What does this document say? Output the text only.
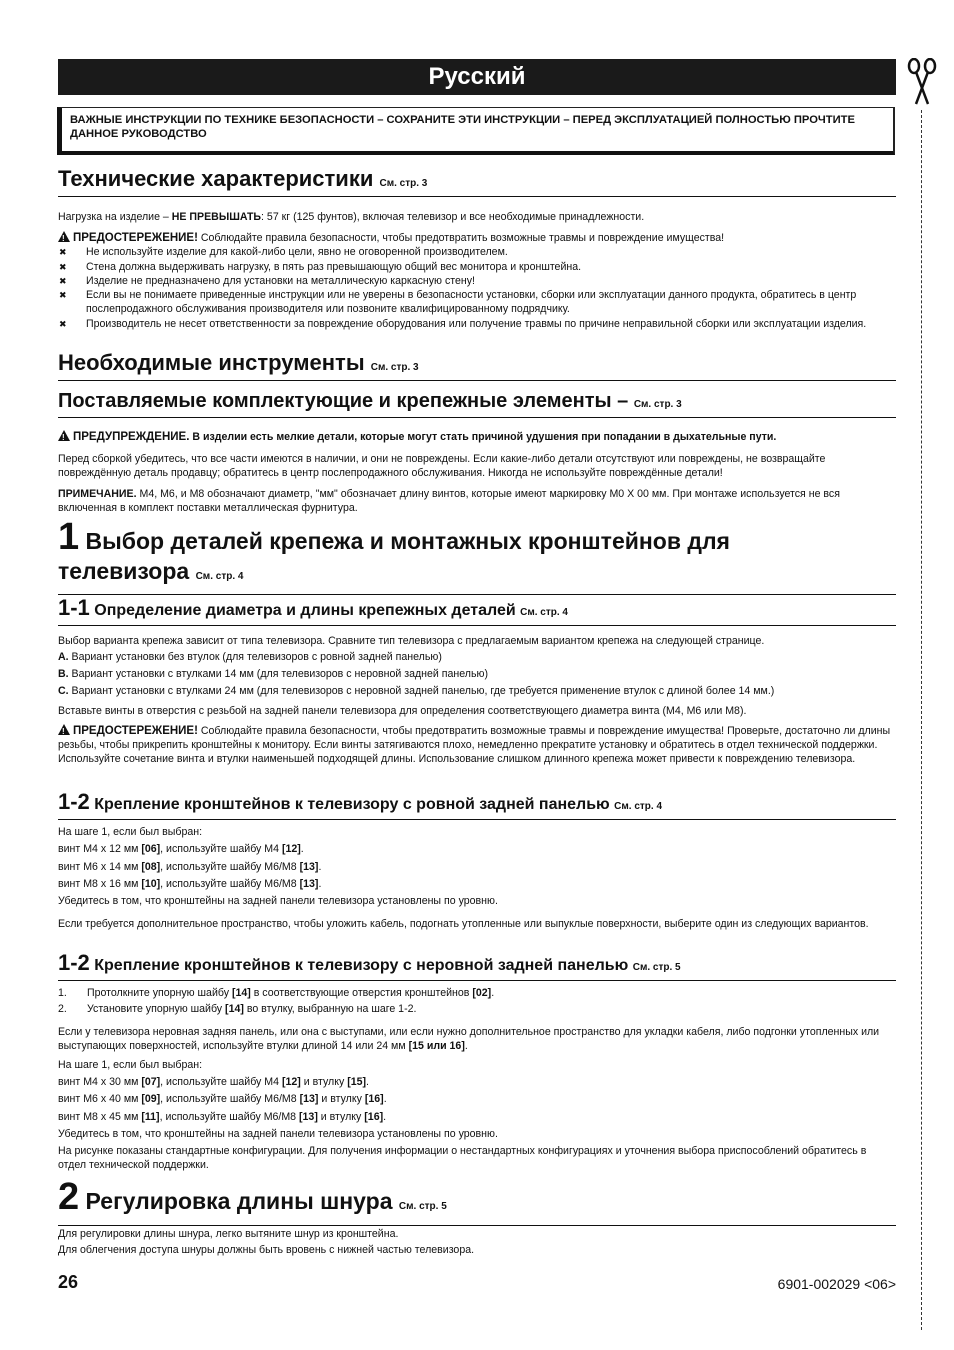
Русский
ВАЖНЫЕ ИНСТРУКЦИИ ПО ТЕХНИКЕ БЕЗОПАСНОСТИ – СОХРАНИТЕ ЭТИ ИНСТРУКЦИИ – ПЕРЕД ЭКСПЛУАТАЦИЕЙ ПОЛНОСТЬЮ ПРОЧТИТЕ ДАННОЕ РУКОВОДСТВО
Технические характеристики См. стр. 3
Нагрузка на изделие – НЕ ПРЕВЫШАТЬ: 57 кг (125 фунтов), включая телевизор и все необходимые принадлежности.
!ПРЕДОСТЕРЕЖЕНИЕ! Соблюдайте правила безопасности, чтобы предотвратить возможные травмы и повреждение имущества!
✖ Не используйте изделие для какой-либо цели, явно не оговоренной производителем.
✖ Стена должна выдерживать нагрузку, в пять раз превышающую общий вес монитора и кронштейна.
✖ Изделие не предназначено для установки на металлическую каркасную стену!
✖ Если вы не понимаете приведенные инструкции или не уверены в безопасности установки, сборки или эксплуатации данного продукта, обратитесь в центр послепродажного обслуживания производителя или позвоните квалифицированному подрядчику.
✖ Производитель не несет ответственности за повреждение оборудования или получение травмы по причине неправильной сборки или эксплуатации изделия.
Необходимые инструменты См. стр. 3
Поставляемые комплектующие и крепежные элементы – См. стр. 3
!ПРЕДУПРЕЖДЕНИЕ. В изделии есть мелкие детали, которые могут стать причиной удушения при попадании в дыхательные пути.
Перед сборкой убедитесь, что все части имеются в наличии, и они не повреждены. Если какие-либо детали отсутствуют или повреждены, не возвращайте повреждённую деталь продавцу; обратитесь в центр послепродажного обслуживания. Никогда не используйте повреждённые детали!
ПРИМЕЧАНИЕ. M4, M6, и M8 обозначают диаметр, "мм" обозначает длину винтов, которые имеют маркировку M0 X 00 мм. При монтаже используется не вся включенная в комплект поставки металлическая фурнитура.
1 Выбор деталей крепежа и монтажных кронштейнов для
телевизора См. стр. 4
1-1 Определение диаметра и длины крепежных деталей См. стр. 4
Выбор варианта крепежа зависит от типа телевизора. Сравните тип телевизора с предлагаемым вариантом крепежа на следующей странице.
A. Вариант установки без втулок (для телевизоров с ровной задней панелью)
B. Вариант установки с втулками 14 мм (для телевизоров с неровной задней панелью)
C. Вариант установки с втулками 24 мм (для телевизоров с неровной задней панелью, где требуется применение втулок с длиной более 14 мм.)
Вставьте винты в отверстия с резьбой на задней панели телевизора для определения соответствующего диаметра винта (M4, M6 или M8).
!ПРЕДОСТЕРЕЖЕНИЕ! Соблюдайте правила безопасности, чтобы предотвратить возможные травмы и повреждение имущества! Проверьте, достаточно ли длины резьбы, чтобы прикрепить кронштейны к монитору. Если винты затягиваются плохо, немедленно прекратите установку и обратитесь в отдел технической поддержки. Используйте сочетание винта и втулки наименьшей подходящей длины. Использование слишком длинного крепежа может привести к повреждению телевизора.
1-2 Крепление кронштейнов к телевизору с ровной задней панелью См. стр. 4
На шаге 1, если был выбран:
винт M4 x 12 мм [06], используйте шайбу M4 [12].
винт M6 x 14 мм [08], используйте шайбу M6/M8 [13].
винт M8 x 16 мм [10], используйте шайбу M6/M8 [13].
Убедитесь в том, что кронштейны на задней панели телевизора установлены по уровню.
Если требуется дополнительное пространство, чтобы уложить кабель, подогнать утопленные или выпуклые поверхности, выберите один из следующих вариантов.
1-2 Крепление кронштейнов к телевизору с неровной задней панелью См. стр. 5
1. Протолкните упорную шайбу [14] в соответствующие отверстия кронштейнов [02].
2. Установите упорную шайбу [14] во втулку, выбранную на шаге 1-2.
Если у телевизора неровная задняя панель, или она с выступами, или если нужно дополнительное пространство для укладки кабеля, либо подгонки утопленных или выступающих поверхностей, используйте втулки длиной 14 или 24 мм [15 или 16].
На шаге 1, если был выбран:
винт M4 x 30 мм [07], используйте шайбу M4 [12] и втулку [15].
винт M6 x 40 мм [09], используйте шайбу M6/M8 [13] и втулку [16].
винт M8 x 45 мм [11], используйте шайбу M6/M8 [13] и втулку [16].
Убедитесь в том, что кронштейны на задней панели телевизора установлены по уровню.
На рисунке показаны стандартные конфигурации. Для получения информации о нестандартных конфигурациях и уточнения выбора приспособлений обратитесь в отдел технической поддержки.
2 Регулировка длины шнура См. стр. 5
Для регулировки длины шнура, легко вытяните шнур из кронштейна.
Для облегчения доступа шнуры должны быть вровень с нижней частью телевизора.
26	6901-002029 <06>
